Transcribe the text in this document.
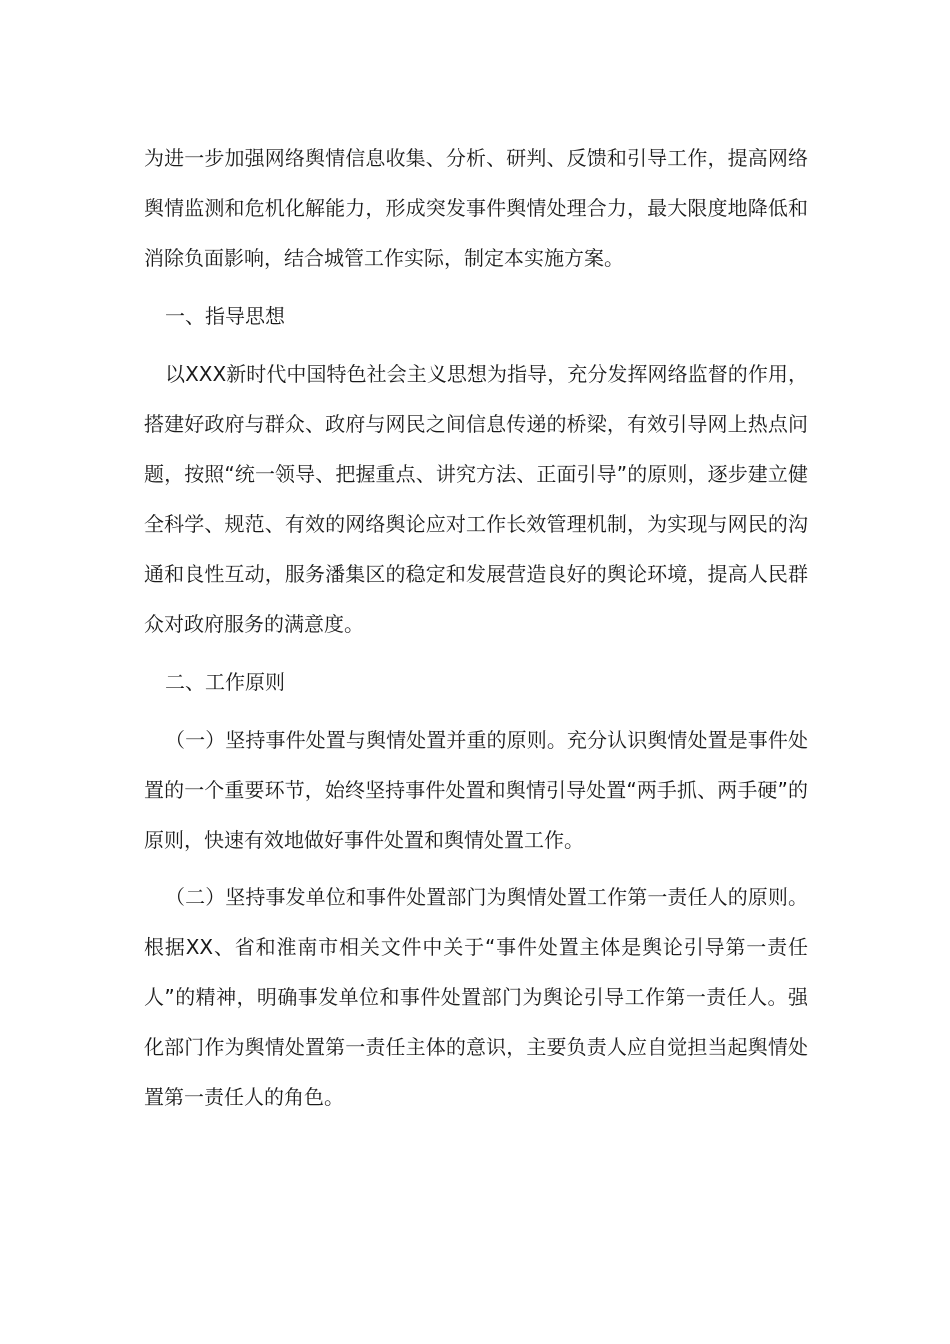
为进一步加强网络舆情信息收集、分析、研判、反馈和引导工作，提高网络舆情监测和危机化解能力，形成突发事件舆情处理合力，最大限度地降低和消除负面影响，结合城管工作实际，制定本实施方案。
一、指导思想
以XXX新时代中国特色社会主义思想为指导，充分发挥网络监督的作用，搭建好政府与群众、政府与网民之间信息传递的桥梁，有效引导网上热点问题，按照“统一领导、把握重点、讲究方法、正面引导”的原则，逐步建立健全科学、规范、有效的网络舆论应对工作长效管理机制，为实现与网民的沟通和良性互动，服务潘集区的稳定和发展营造良好的舆论环境，提高人民群众对政府服务的满意度。
二、工作原则
（一）坚持事件处置与舆情处置并重的原则。充分认识舆情处置是事件处置的一个重要环节，始终坚持事件处置和舆情引导处置“两手抓、两手硬”的原则，快速有效地做好事件处置和舆情处置工作。
（二）坚持事发单位和事件处置部门为舆情处置工作第一责任人的原则。根据XX、省和淮南市相关文件中关于“事件处置主体是舆论引导第一责任人”的精神，明确事发单位和事件处置部门为舆论引导工作第一责任人。强化部门作为舆情处置第一责任主体的意识，主要负责人应自觉担当起舆情处置第一责任人的角色。
